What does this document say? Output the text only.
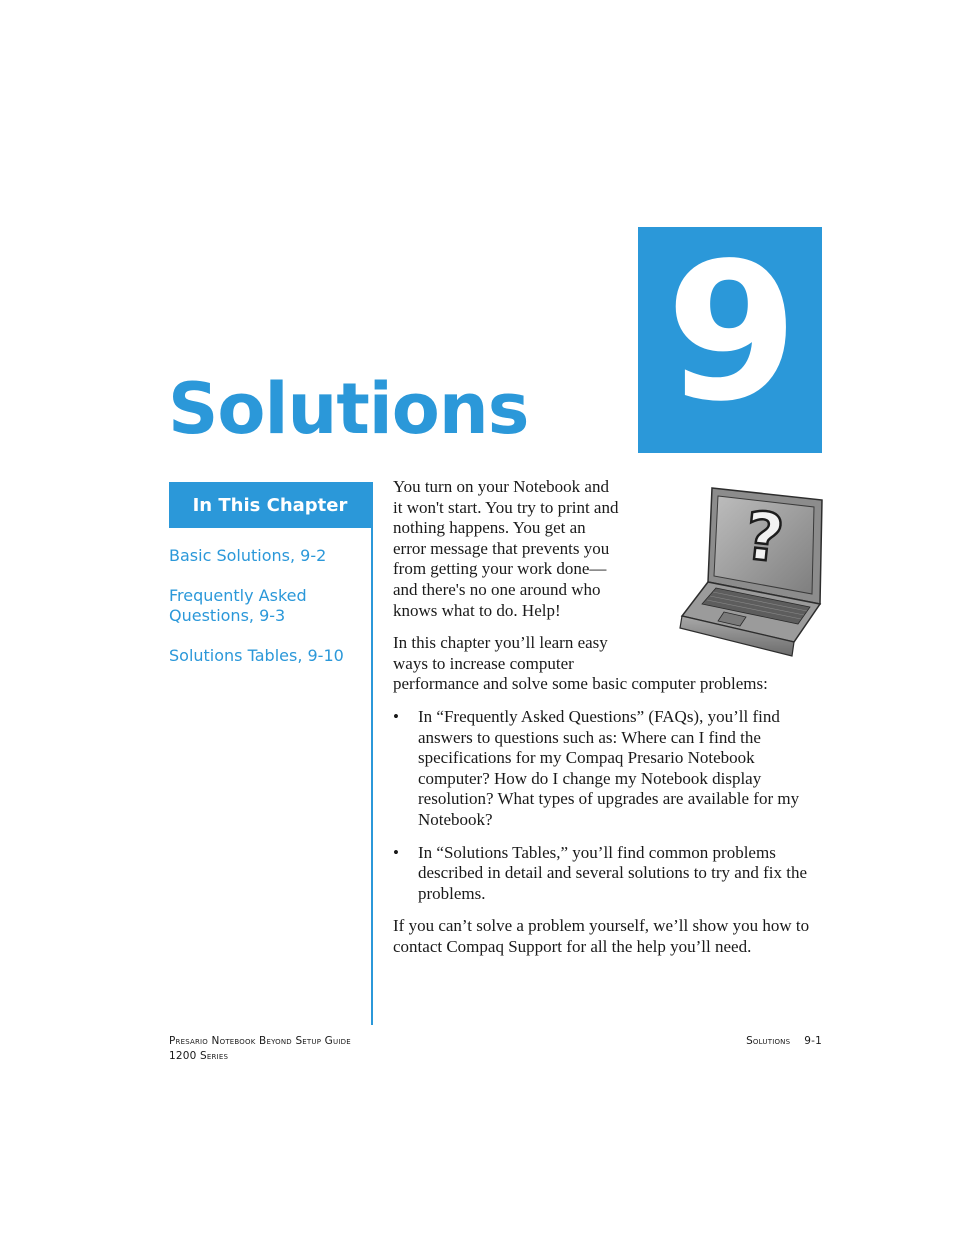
9
Solutions
In This Chapter
Basic Solutions, 9-2
Frequently Asked Questions, 9-3
Solutions Tables, 9-10

You turn on your Notebook and it won't start. You try to print and nothing happens. You get an error message that prevents you from getting your work done—and there's no one around who knows what to do. Help!

In this chapter you’ll learn easy ways to increase computer

performance and solve some basic computer problems:

• In “Frequently Asked Questions” (FAQs), you’ll find answers to questions such as: Where can I find the specifications for my Compaq Presario Notebook computer? How do I change my Notebook display resolution? What types of upgrades are available for my Notebook?
• In “Solutions Tables,” you’ll find common problems described in detail and several solutions to try and fix the problems.

If you can’t solve a problem yourself, we’ll show you how to contact Compaq Support for all the help you’ll need.

?
Presario Notebook Beyond Setup Guide
1200 Series
Solutions 9-1
